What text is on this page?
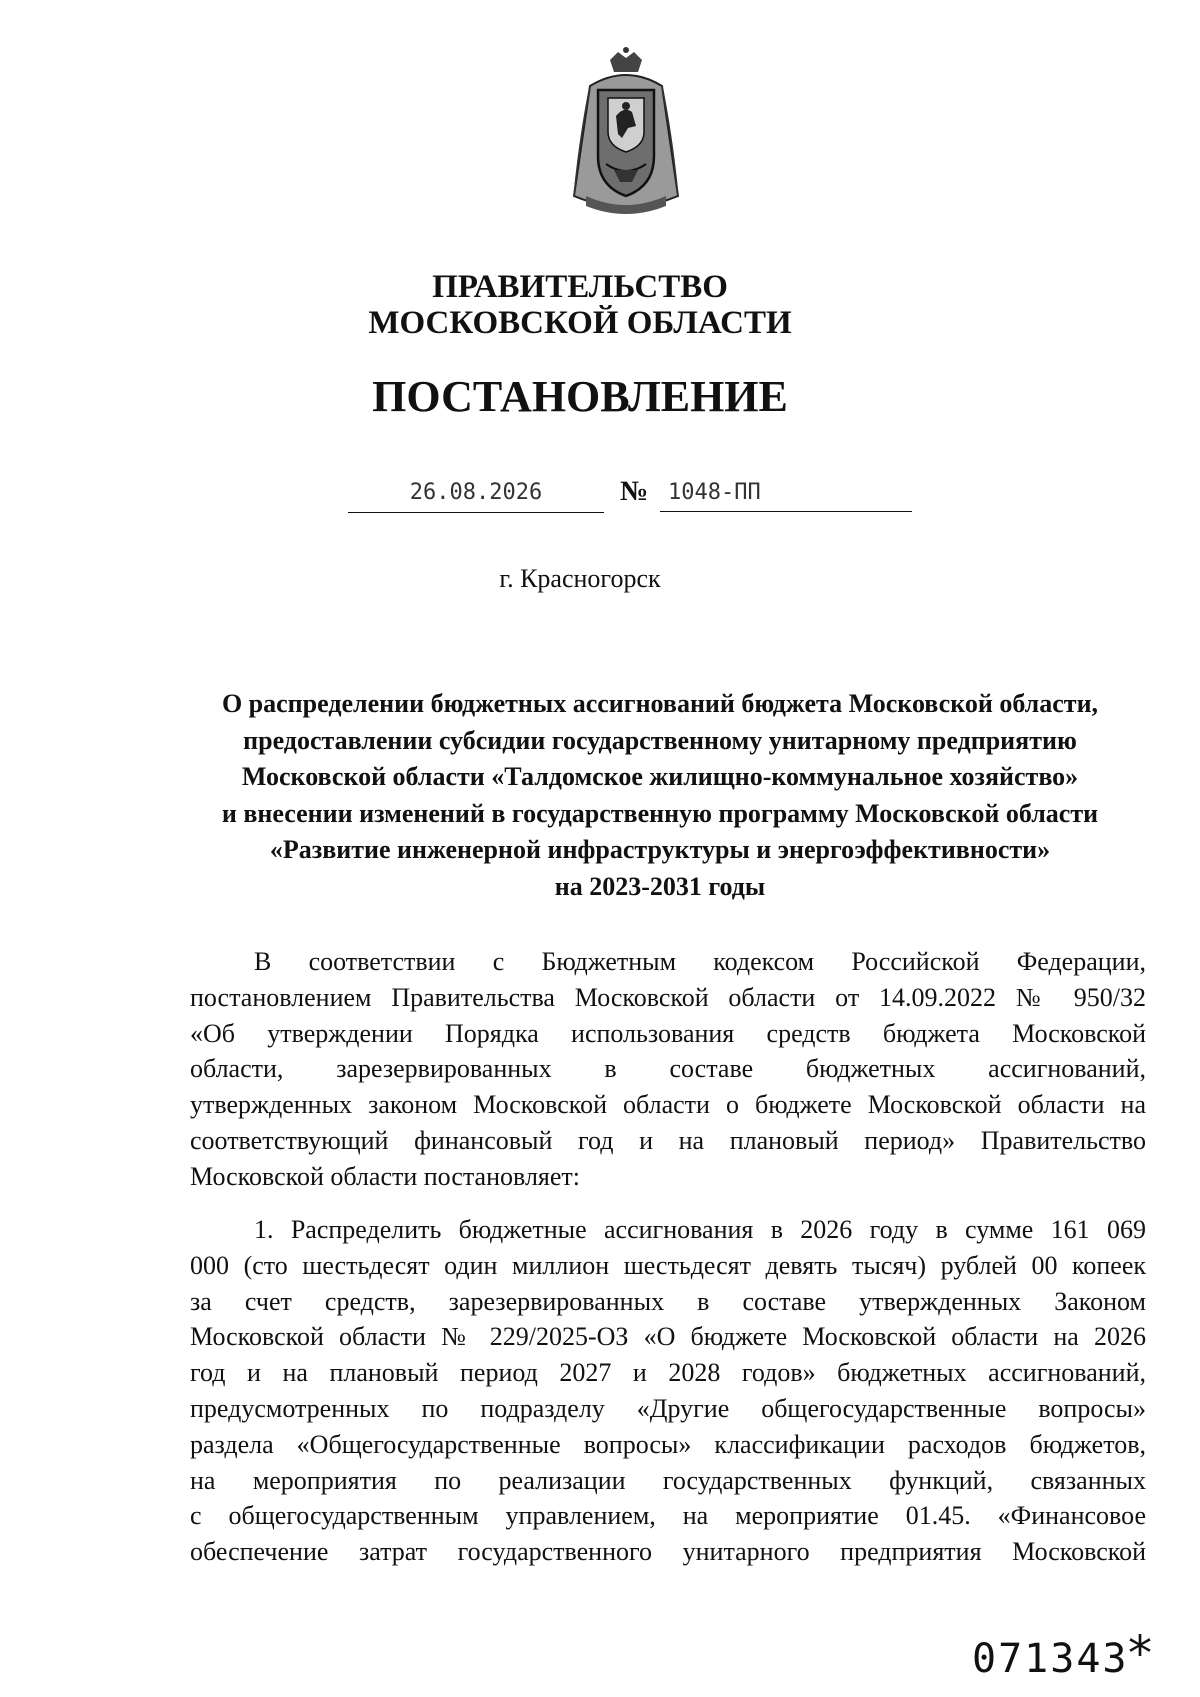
ПРАВИТЕЛЬСТВО
МОСКОВСКОЙ ОБЛАСТИ
ПОСТАНОВЛЕНИЕ
26.08.2026	№ 1048-ПП
г. Красногорск
О распределении бюджетных ассигнований бюджета Московской области,
предоставлении субсидии государственному унитарному предприятию
Московской области «Талдомское жилищно-коммунальное хозяйство»
и внесении изменений в государственную программу Московской области
«Развитие инженерной инфраструктуры и энергоэффективности»
на 2023-2031 годы
В соответствии с Бюджетным кодексом Российской Федерации,
постановлением Правительства Московской области от 14.09.2022 № 950/32
«Об утверждении Порядка использования средств бюджета Московской
области, зарезервированных в составе бюджетных ассигнований,
утвержденных законом Московской области о бюджете Московской области на
соответствующий финансовый год и на плановый период» Правительство
Московской области постановляет:
1. Распределить бюджетные ассигнования в 2026 году в сумме 161 069
000 (сто шестьдесят один миллион шестьдесят девять тысяч) рублей 00 копеек
за счет средств, зарезервированных в составе утвержденных Законом
Московской области № 229/2025-ОЗ «О бюджете Московской области на 2026
год и на плановый период 2027 и 2028 годов» бюджетных ассигнований,
предусмотренных по подразделу «Другие общегосударственные вопросы»
раздела «Общегосударственные вопросы» классификации расходов бюджетов,
на мероприятия по реализации государственных функций, связанных
с общегосударственным управлением, на мероприятие 01.45. «Финансовое
обеспечение затрат государственного унитарного предприятия Московской
071343 *
